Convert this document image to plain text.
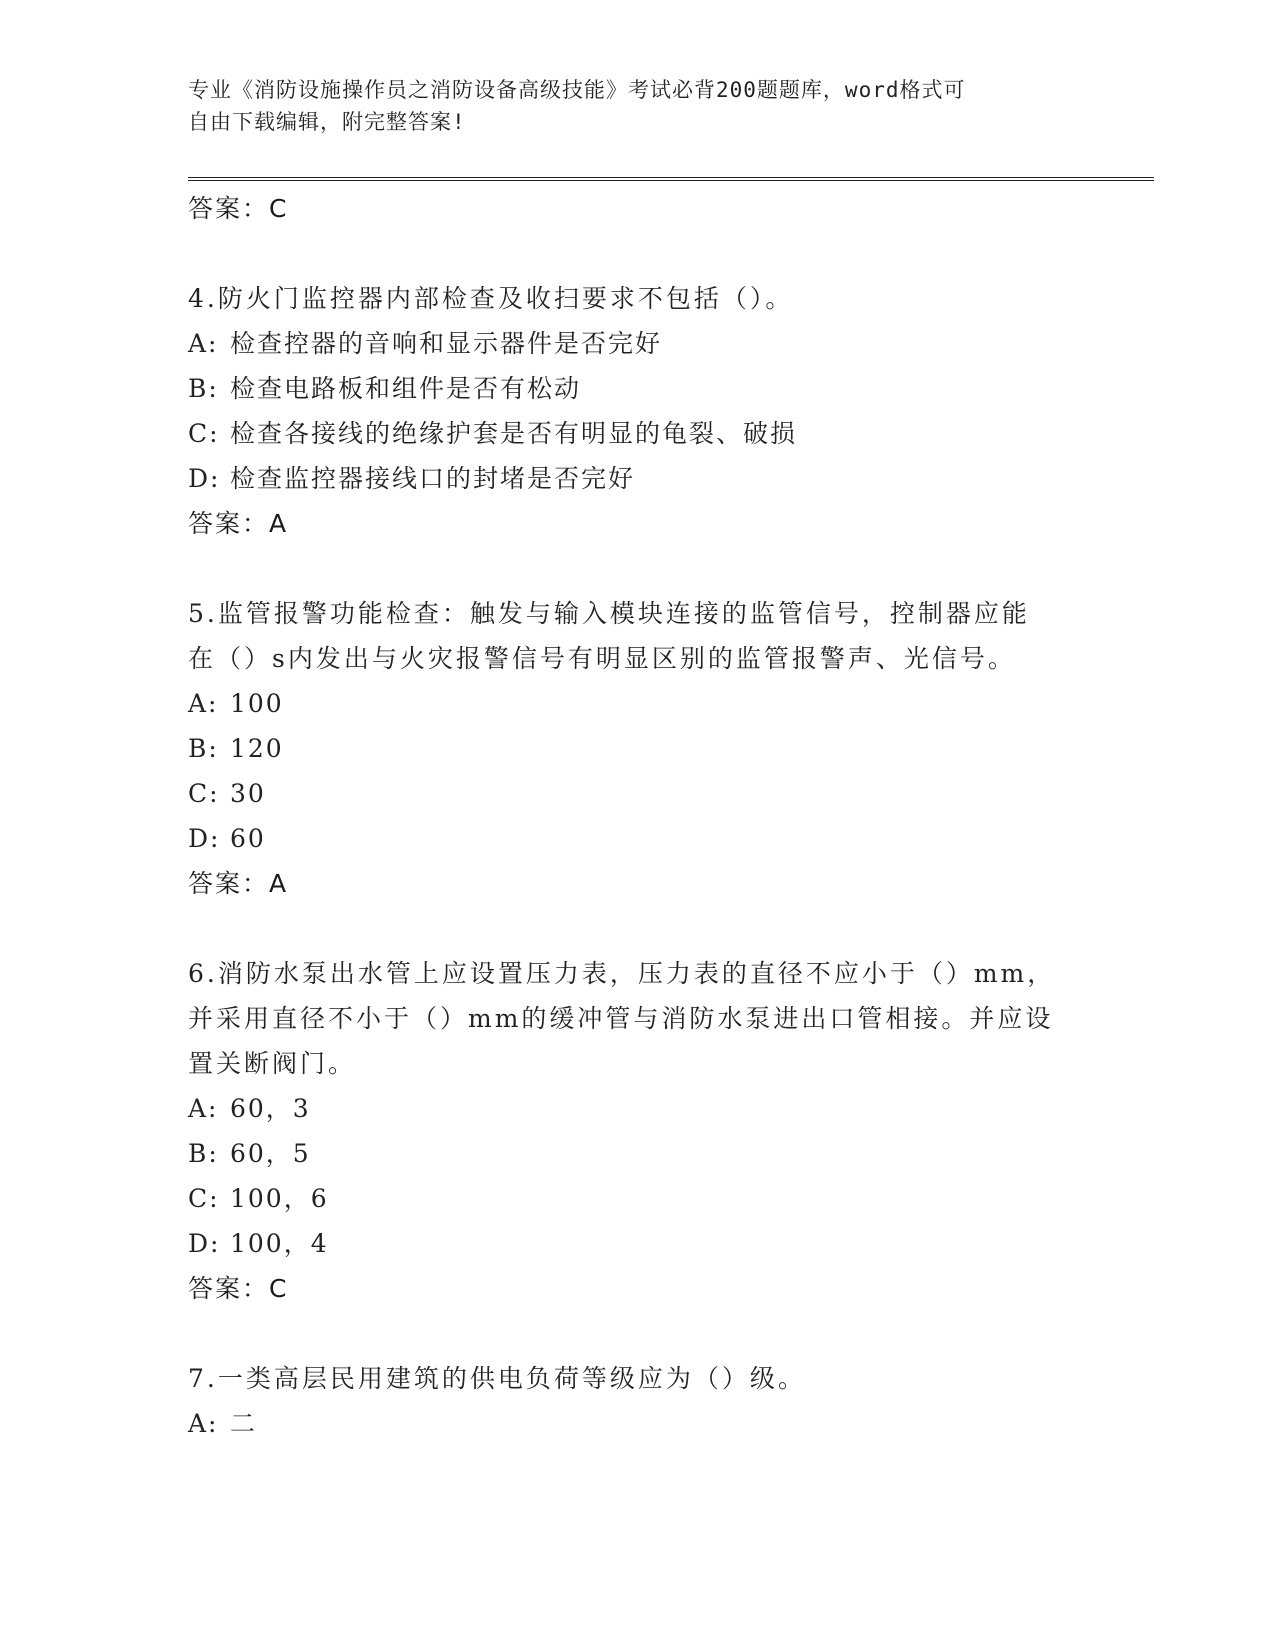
专业《消防设施操作员之消防设备高级技能》考试必背200题题库，word格式可
自由下载编辑，附完整答案!
答案：C
4.防火门监控器内部检查及收扫要求不包括（）。
A: 检查控器的音响和显示器件是否完好
B: 检查电路板和组件是否有松动
C: 检查各接线的绝缘护套是否有明显的龟裂、破损
D: 检查监控器接线口的封堵是否完好
答案：A
5.监管报警功能检查：触发与输入模块连接的监管信号，控制器应能
在（）s内发出与火灾报警信号有明显区别的监管报警声、光信号。
A: 100
B: 120
C: 30
D: 60
答案：A
6.消防水泵出水管上应设置压力表，压力表的直径不应小于（）mm，
并采用直径不小于（）mm的缓冲管与消防水泵进出口管相接。并应设
置关断阀门。
A: 60，3
B: 60，5
C: 100，6
D: 100，4
答案：C
7.一类高层民用建筑的供电负荷等级应为（）级。
A: 二
